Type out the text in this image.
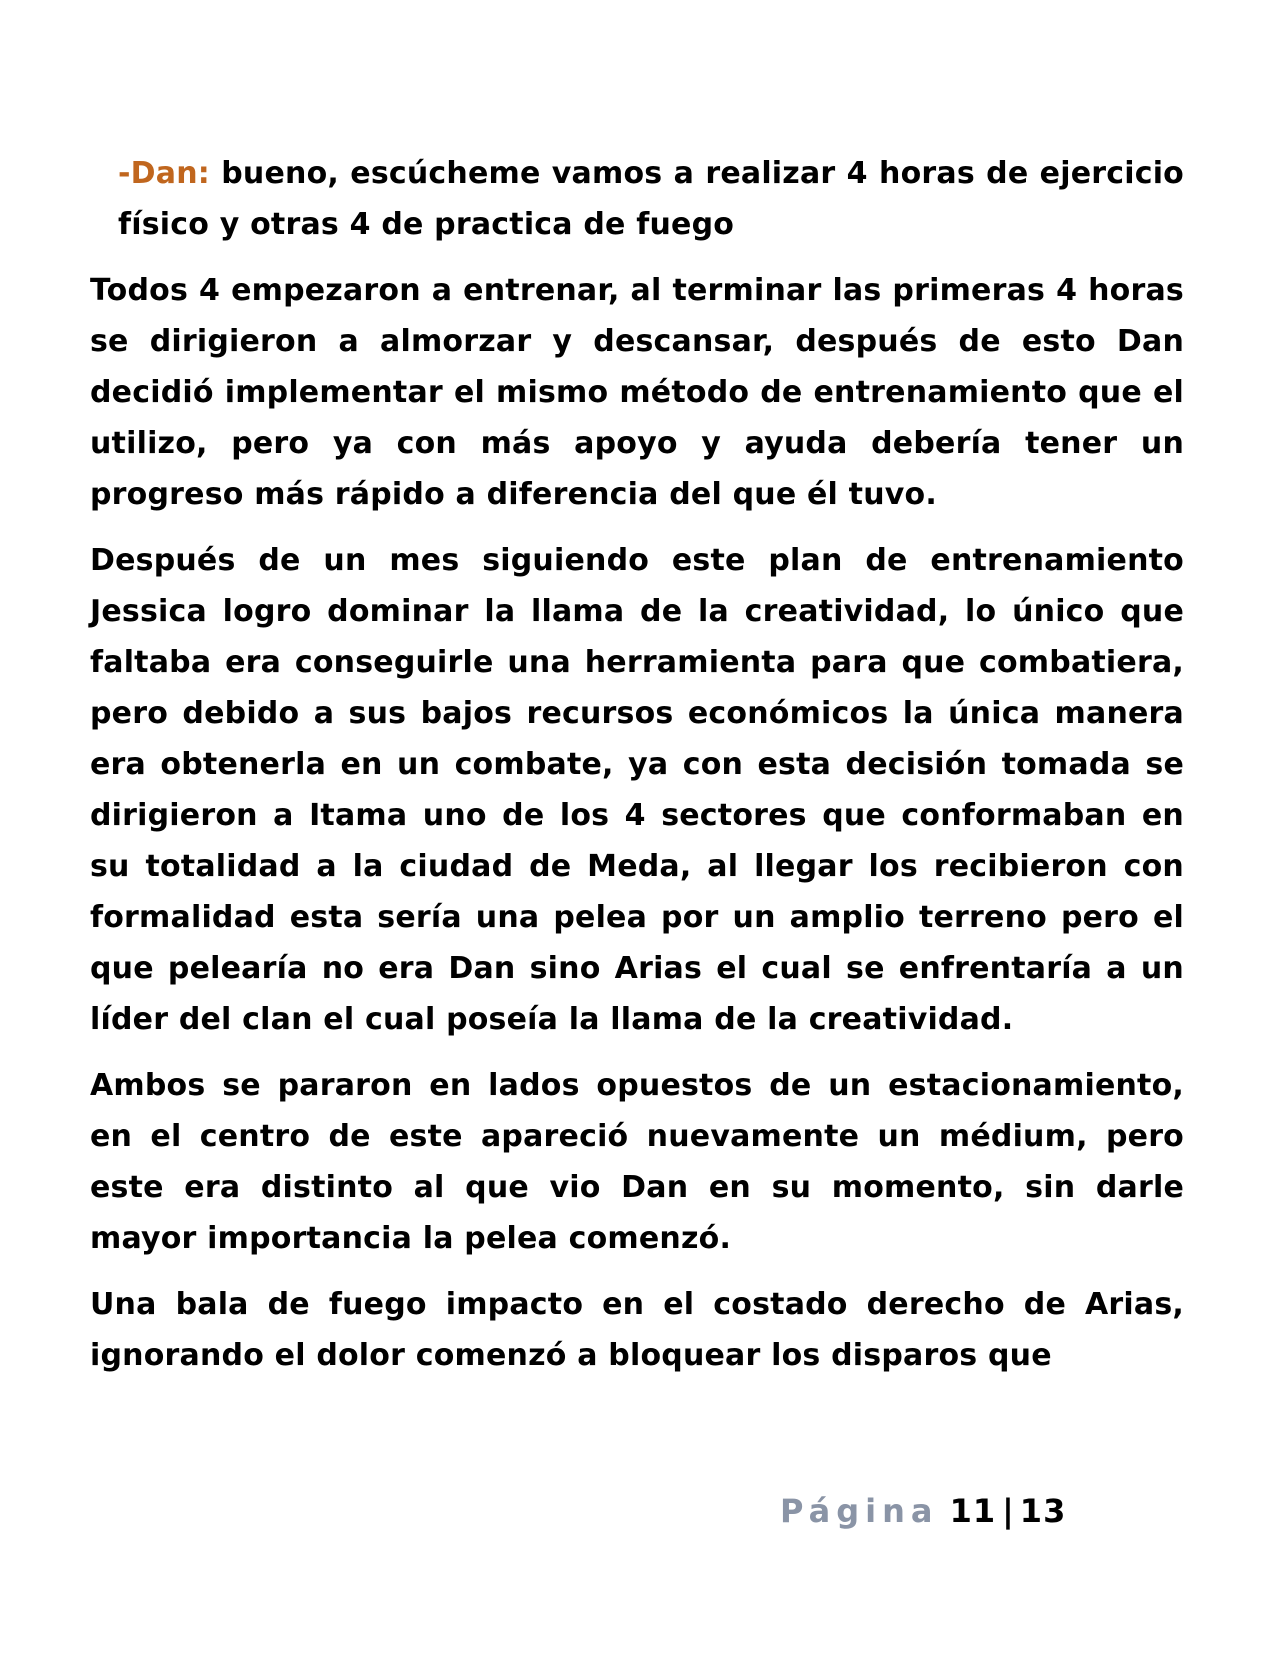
-Dan: bueno, escúcheme vamos a realizar 4 horas de ejercicio físico y otras 4 de practica de fuego

Todos 4 empezaron a entrenar, al terminar las primeras 4 horas se dirigieron a almorzar y descansar, después de esto Dan decidió implementar el mismo método de entrenamiento que el utilizo, pero ya con más apoyo y ayuda debería tener un progreso más rápido a diferencia del que él tuvo.

Después de un mes siguiendo este plan de entrenamiento Jessica logro dominar la llama de la creatividad, lo único que faltaba era conseguirle una herramienta para que combatiera, pero debido a sus bajos recursos económicos la única manera era obtenerla en un combate, ya con esta decisión tomada se dirigieron a Itama uno de los 4 sectores que conformaban en su totalidad a la ciudad de Meda, al llegar los recibieron con formalidad esta sería una pelea por un amplio terreno pero el que pelearía no era Dan sino Arias el cual se enfrentaría a un líder del clan el cual poseía la llama de la creatividad.

Ambos se pararon en lados opuestos de un estacionamiento, en el centro de este apareció nuevamente un médium, pero este era distinto al que vio Dan en su momento, sin darle mayor importancia la pelea comenzó.

Una bala de fuego impacto en el costado derecho de Arias, ignorando el dolor comenzó a bloquear los disparos que

Página 11 | 13
